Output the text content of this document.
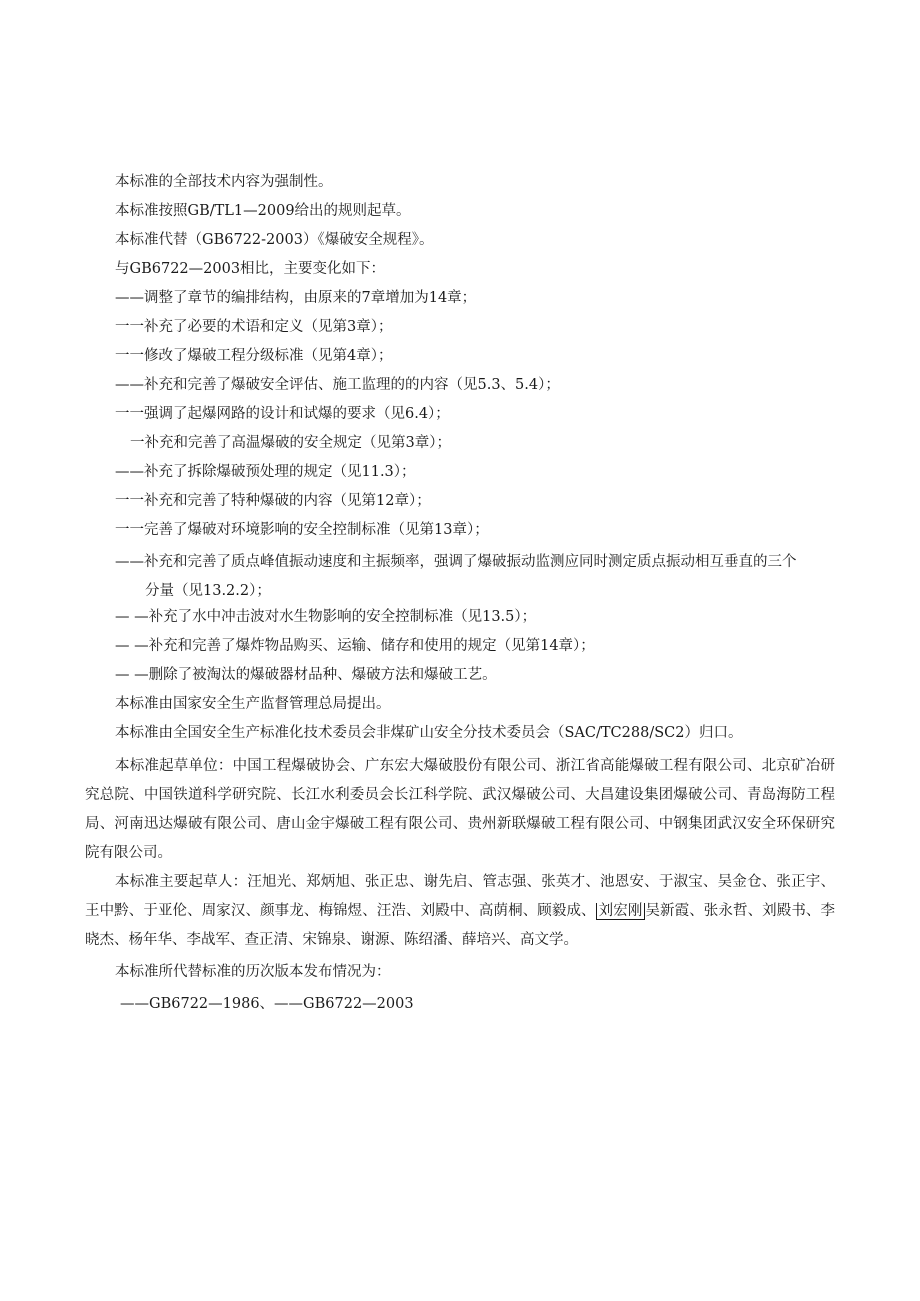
本标准的全部技术内容为强制性。
本标准按照GB/TL1—2009给出的规则起草。
本标准代替（GB6722-2003）《爆破安全规程》。
与GB6722—2003相比，主要变化如下：
——调整了章节的编排结构，由原来的7章增加为14章；
一一补充了必要的术语和定义（见第3章）；
一一修改了爆破工程分级标准（见第4章）；
——补充和完善了爆破安全评估、施工监理的的内容（见5.3、5.4）；
一一强调了起爆网路的设计和试爆的要求（见6.4）；
一补充和完善了高温爆破的安全规定（见第3章）；
——补充了拆除爆破预处理的规定（见11.3）；
一一补充和完善了特种爆破的内容（见第12章）；
一一完善了爆破对环境影响的安全控制标准（见第13章）；
——补充和完善了质点峰值振动速度和主振频率，强调了爆破振动监测应同时测定质点振动相互垂直的三个
分量（见13.2.2）；
— —补充了水中冲击波对水生物影响的安全控制标准（见13.5）；
— —补充和完善了爆炸物品购买、运输、储存和使用的规定（见第14章）；
— —删除了被淘汰的爆破器材品种、爆破方法和爆破工艺。
本标准由国家安全生产监督管理总局提出。
本标准由全国安全生产标准化技术委员会非煤矿山安全分技术委员会（SAC/TC288/SC2）归口。
本标准起草单位：中国工程爆破协会、广东宏大爆破股份有限公司、浙江省高能爆破工程有限公司、北京矿冶研究总院、中国铁道科学研究院、长江水利委员会长江科学院、武汉爆破公司、大昌建设集团爆破公司、青岛海防工程局、河南迅达爆破有限公司、唐山金宇爆破工程有限公司、贵州新联爆破工程有限公司、中钢集团武汉安全环保研究院有限公司。
本标准主要起草人：汪旭光、郑炳旭、张正忠、谢先启、管志强、张英才、池恩安、于淑宝、吴金仓、张正宇、王中黔、于亚伦、周家汉、颜事龙、梅锦煜、汪浩、刘殿中、高荫桐、顾毅成、 刘宏刚 吴新霞、张永哲、刘殿书、李晓杰、杨年华、李战军、查正清、宋锦泉、谢源、陈绍潘、薛培兴、高文学。
本标准所代替标准的历次版本发布情况为：
——GB6722—1986、——GB6722—2003
